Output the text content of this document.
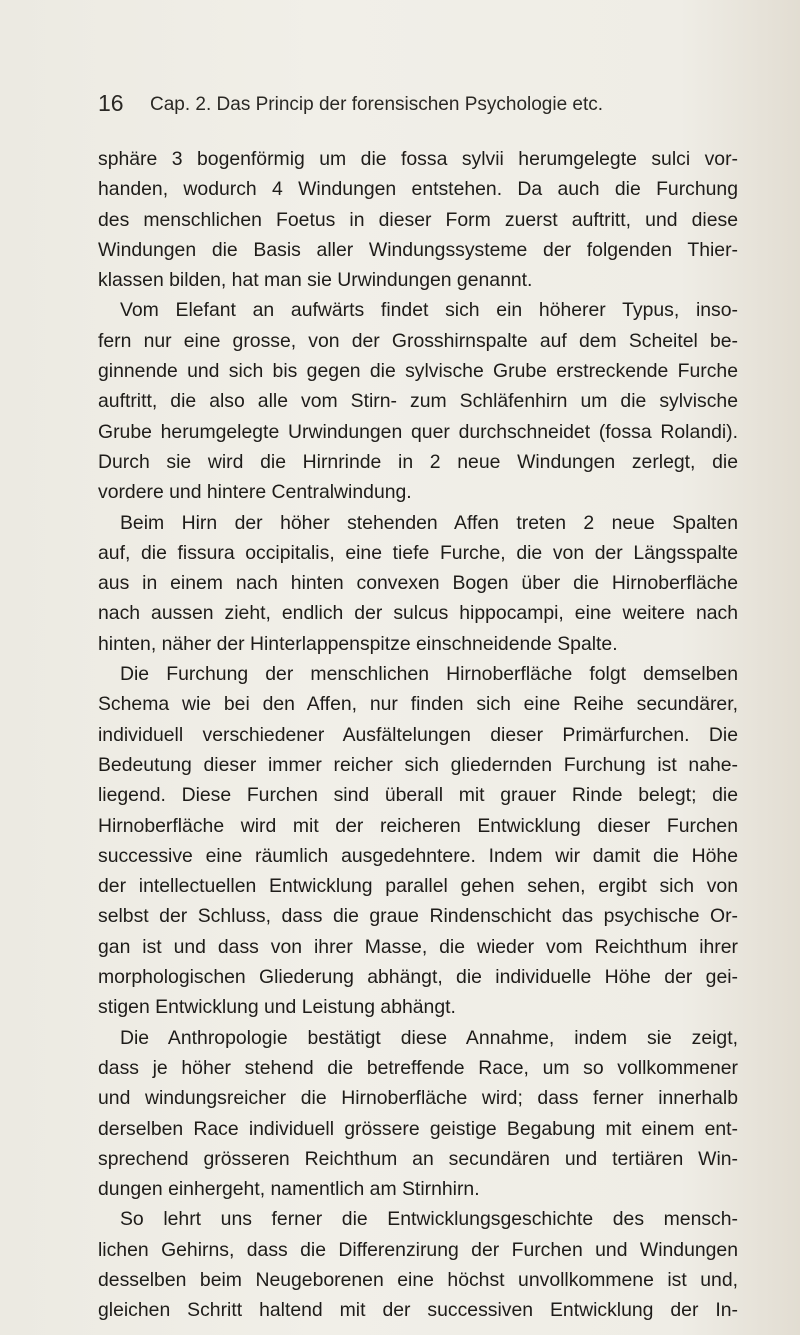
16 Cap. 2. Das Princip der forensischen Psychologie etc.
sphäre 3 bogenförmig um die fossa sylvii herumgelegte sulci vor-
handen, wodurch 4 Windungen entstehen. Da auch die Furchung
des menschlichen Foetus in dieser Form zuerst auftritt, und diese
Windungen die Basis aller Windungssysteme der folgenden Thier-
klassen bilden, hat man sie Urwindungen genannt.
Vom Elefant an aufwärts findet sich ein höherer Typus, inso-
fern nur eine grosse, von der Grosshirnspalte auf dem Scheitel be-
ginnende und sich bis gegen die sylvische Grube erstreckende Furche
auftritt, die also alle vom Stirn- zum Schläfenhirn um die sylvische
Grube herumgelegte Urwindungen quer durchschneidet (fossa Rolandi).
Durch sie wird die Hirnrinde in 2 neue Windungen zerlegt, die
vordere und hintere Centralwindung.
Beim Hirn der höher stehenden Affen treten 2 neue Spalten
auf, die fissura occipitalis, eine tiefe Furche, die von der Längsspalte
aus in einem nach hinten convexen Bogen über die Hirnoberfläche
nach aussen zieht, endlich der sulcus hippocampi, eine weitere nach
hinten, näher der Hinterlappenspitze einschneidende Spalte.
Die Furchung der menschlichen Hirnoberfläche folgt demselben
Schema wie bei den Affen, nur finden sich eine Reihe secundärer,
individuell verschiedener Ausfältelungen dieser Primärfurchen. Die
Bedeutung dieser immer reicher sich gliedernden Furchung ist nahe-
liegend. Diese Furchen sind überall mit grauer Rinde belegt; die
Hirnoberfläche wird mit der reicheren Entwicklung dieser Furchen
successive eine räumlich ausgedehntere. Indem wir damit die Höhe
der intellectuellen Entwicklung parallel gehen sehen, ergibt sich von
selbst der Schluss, dass die graue Rindenschicht das psychische Or-
gan ist und dass von ihrer Masse, die wieder vom Reichthum ihrer
morphologischen Gliederung abhängt, die individuelle Höhe der gei-
stigen Entwicklung und Leistung abhängt.
Die Anthropologie bestätigt diese Annahme, indem sie zeigt,
dass je höher stehend die betreffende Race, um so vollkommener
und windungsreicher die Hirnoberfläche wird; dass ferner innerhalb
derselben Race individuell grössere geistige Begabung mit einem ent-
sprechend grösseren Reichthum an secundären und tertiären Win-
dungen einhergeht, namentlich am Stirnhirn.
So lehrt uns ferner die Entwicklungsgeschichte des mensch-
lichen Gehirns, dass die Differenzirung der Furchen und Windungen
desselben beim Neugeborenen eine höchst unvollkommene ist und,
gleichen Schritt haltend mit der successiven Entwicklung der In-
